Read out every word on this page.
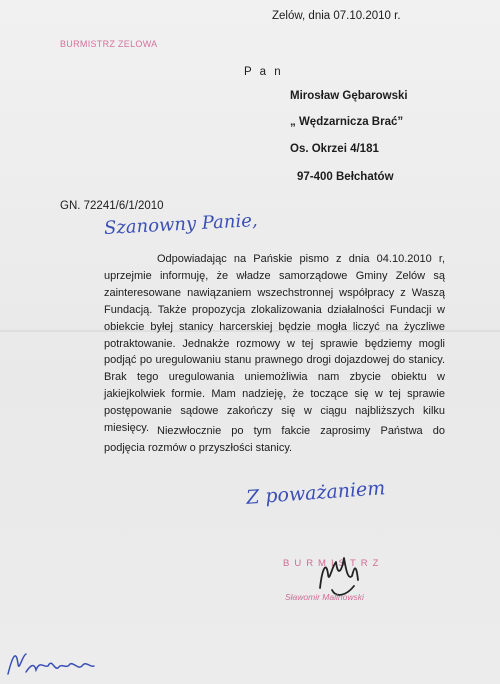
Zelów, dnia 07.10.2010 r.
BURMISTRZ ZELOWA
P a n
Mirosław Gębarowski
„ Wędzarnicza Brać”
Os. Okrzei 4/181
97-400 Bełchatów
GN. 72241/6/1/2010
Szanowny Panie,
Odpowiadając na Pańskie pismo z dnia 04.10.2010 r, uprzejmie informuję, że władze samorządowe Gminy Zelów są zainteresowane nawiązaniem wszechstronnej współpracy z Waszą Fundacją. Także propozycja zlokalizowania działalności Fundacji w obiekcie byłej stanicy harcerskiej będzie mogła liczyć na życzliwe potraktowanie. Jednakże rozmowy w tej sprawie będziemy mogli podjąć po uregulowaniu stanu prawnego drogi dojazdowej do stanicy. Brak tego uregulowania uniemożliwia nam zbycie obiektu w jakiejkolwiek formie. Mam nadzieję, że toczące się w tej sprawie postępowanie sądowe zakończy się w ciągu najbliższych kilku miesięcy. Niezwłocznie po tym fakcie zaprosimy Państwa do podjęcia rozmów o przyszłości stanicy.
Z poważaniem
BURMISTRZ
Sławomir Malinowski
